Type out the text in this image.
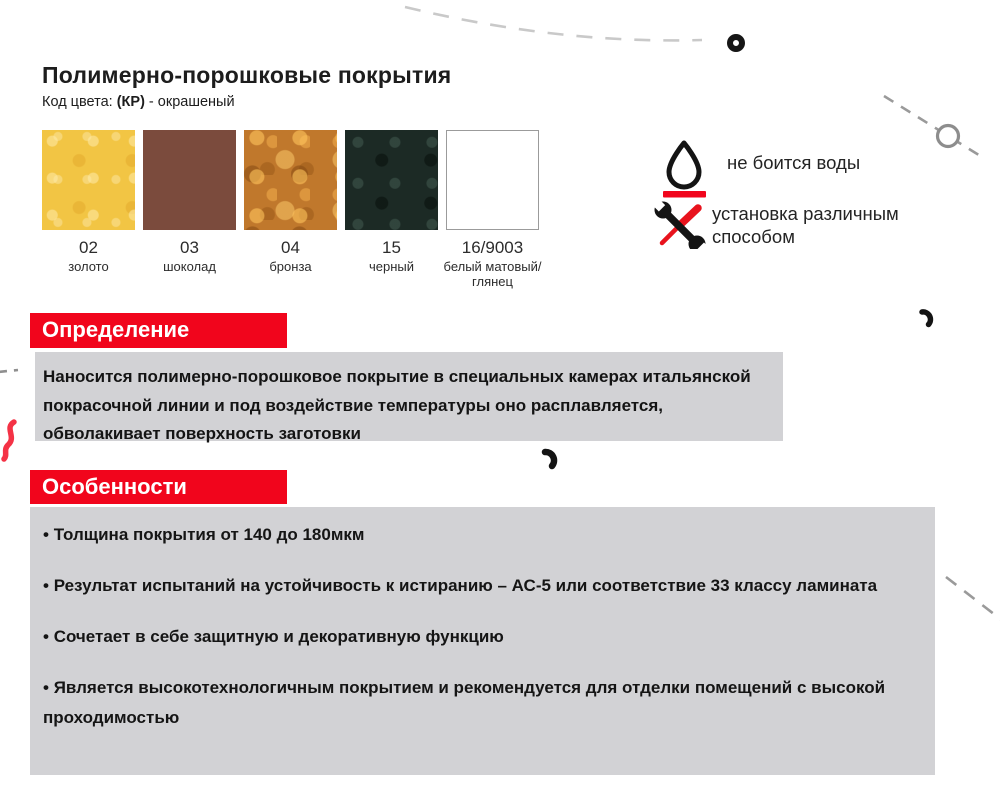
Полимерно-порошковые покрытия

Код цвета: (КР) - окрашеный

02
золото
03
шоколад
04
бронза
15
черный
16/9003
белый матовый/глянец
не боится воды
установка различным способом
Определение
Наносится полимерно-порошковое покрытие в специальных камерах итальянской покрасочной линии и под воздействие температуры оно расплавляется, обволакивает поверхность заготовки
Особенности

• Толщина покрытия от 140 до 180мкм

• Результат испытаний на устойчивость к истиранию – АС-5 или соответствие 33 классу ламината

• Сочетает в себе защитную и декоративную функцию

• Является высокотехнологичным покрытием и рекомендуется для отделки помещений с высокой проходимостью
